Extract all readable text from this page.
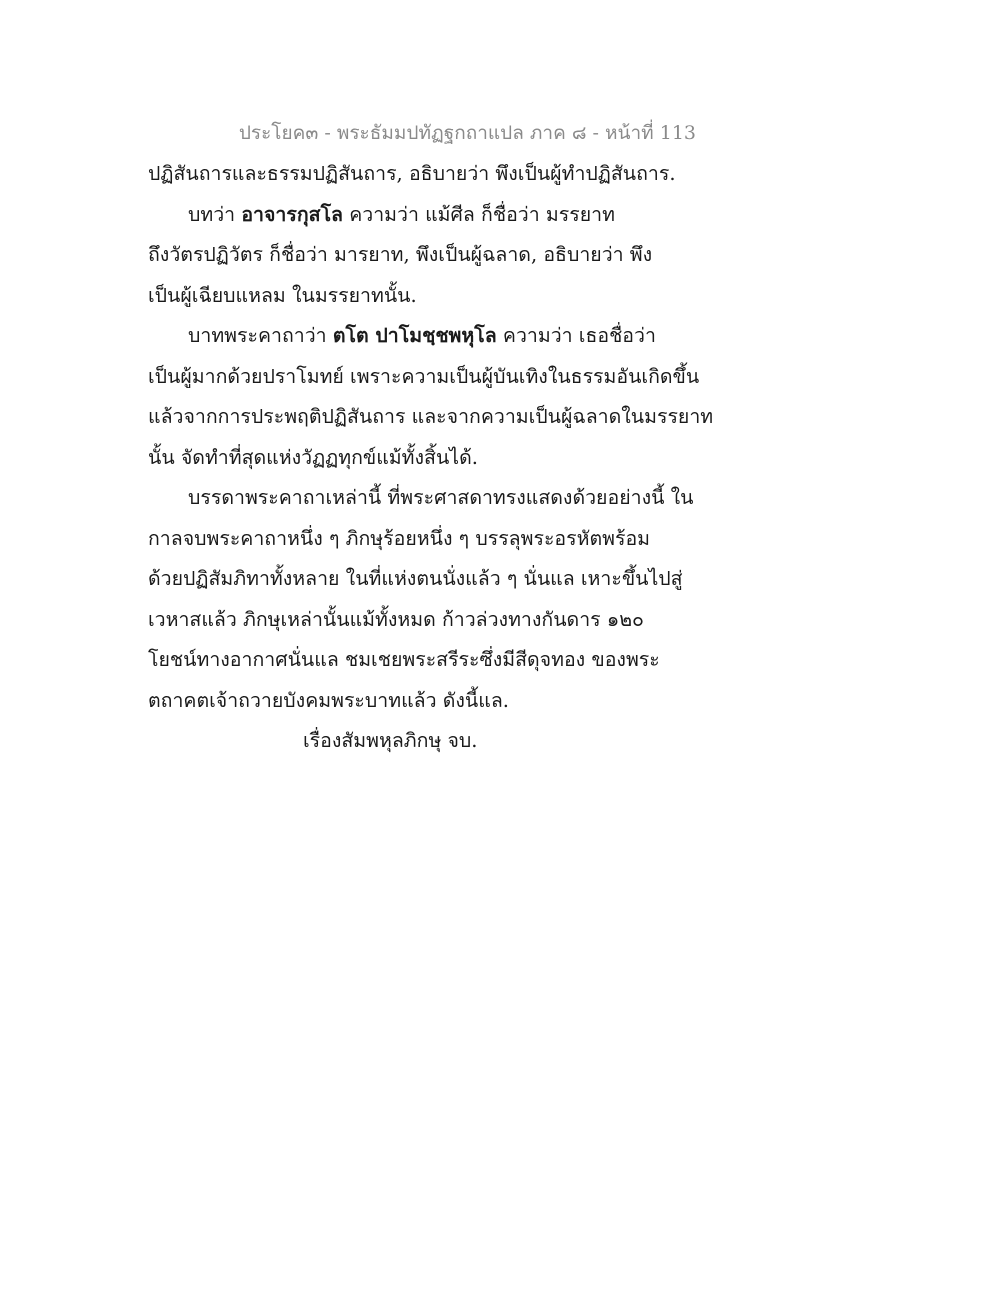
ประโยค๓ - พระธัมมปทัฏฐกถาแปล ภาค ๘ - หน้าที่ 113
ปฏิสันถารและธรรมปฏิสันถาร, อธิบายว่า พึงเป็นผู้ทำปฏิสันถาร.
บทว่า อาจารกุสโล ความว่า แม้ศีล ก็ชื่อว่า มรรยาท
ถึงวัตรปฏิวัตร ก็ชื่อว่า มารยาท, พึงเป็นผู้ฉลาด, อธิบายว่า พึง
เป็นผู้เฉียบแหลม ในมรรยาทนั้น.
บาทพระคาถาว่า ตโต ปาโมชฺชพหุโล ความว่า เธอชื่อว่า
เป็นผู้มากด้วยปราโมทย์ เพราะความเป็นผู้บันเทิงในธรรมอันเกิดขึ้น
แล้วจากการประพฤติปฏิสันถาร และจากความเป็นผู้ฉลาดในมรรยาท
นั้น จัดทำที่สุดแห่งวัฏฏทุกข์แม้ทั้งสิ้นได้.
บรรดาพระคาถาเหล่านี้ ที่พระศาสดาทรงแสดงด้วยอย่างนี้ ใน
กาลจบพระคาถาหนึ่ง ๆ ภิกษุร้อยหนึ่ง ๆ บรรลุพระอรหัตพร้อม
ด้วยปฏิสัมภิทาทั้งหลาย ในที่แห่งตนนั่งแล้ว ๆ นั่นแล เหาะขึ้นไปสู่
เวหาสแล้ว ภิกษุเหล่านั้นแม้ทั้งหมด ก้าวล่วงทางกันดาร ๑๒๐
โยชน์ทางอากาศนั่นแล ชมเชยพระสรีระซึ่งมีสีดุจทอง ของพระ
ตถาคตเจ้าถวายบังคมพระบาทแล้ว ดังนี้แล.
เรื่องสัมพหุลภิกษุ จบ.
